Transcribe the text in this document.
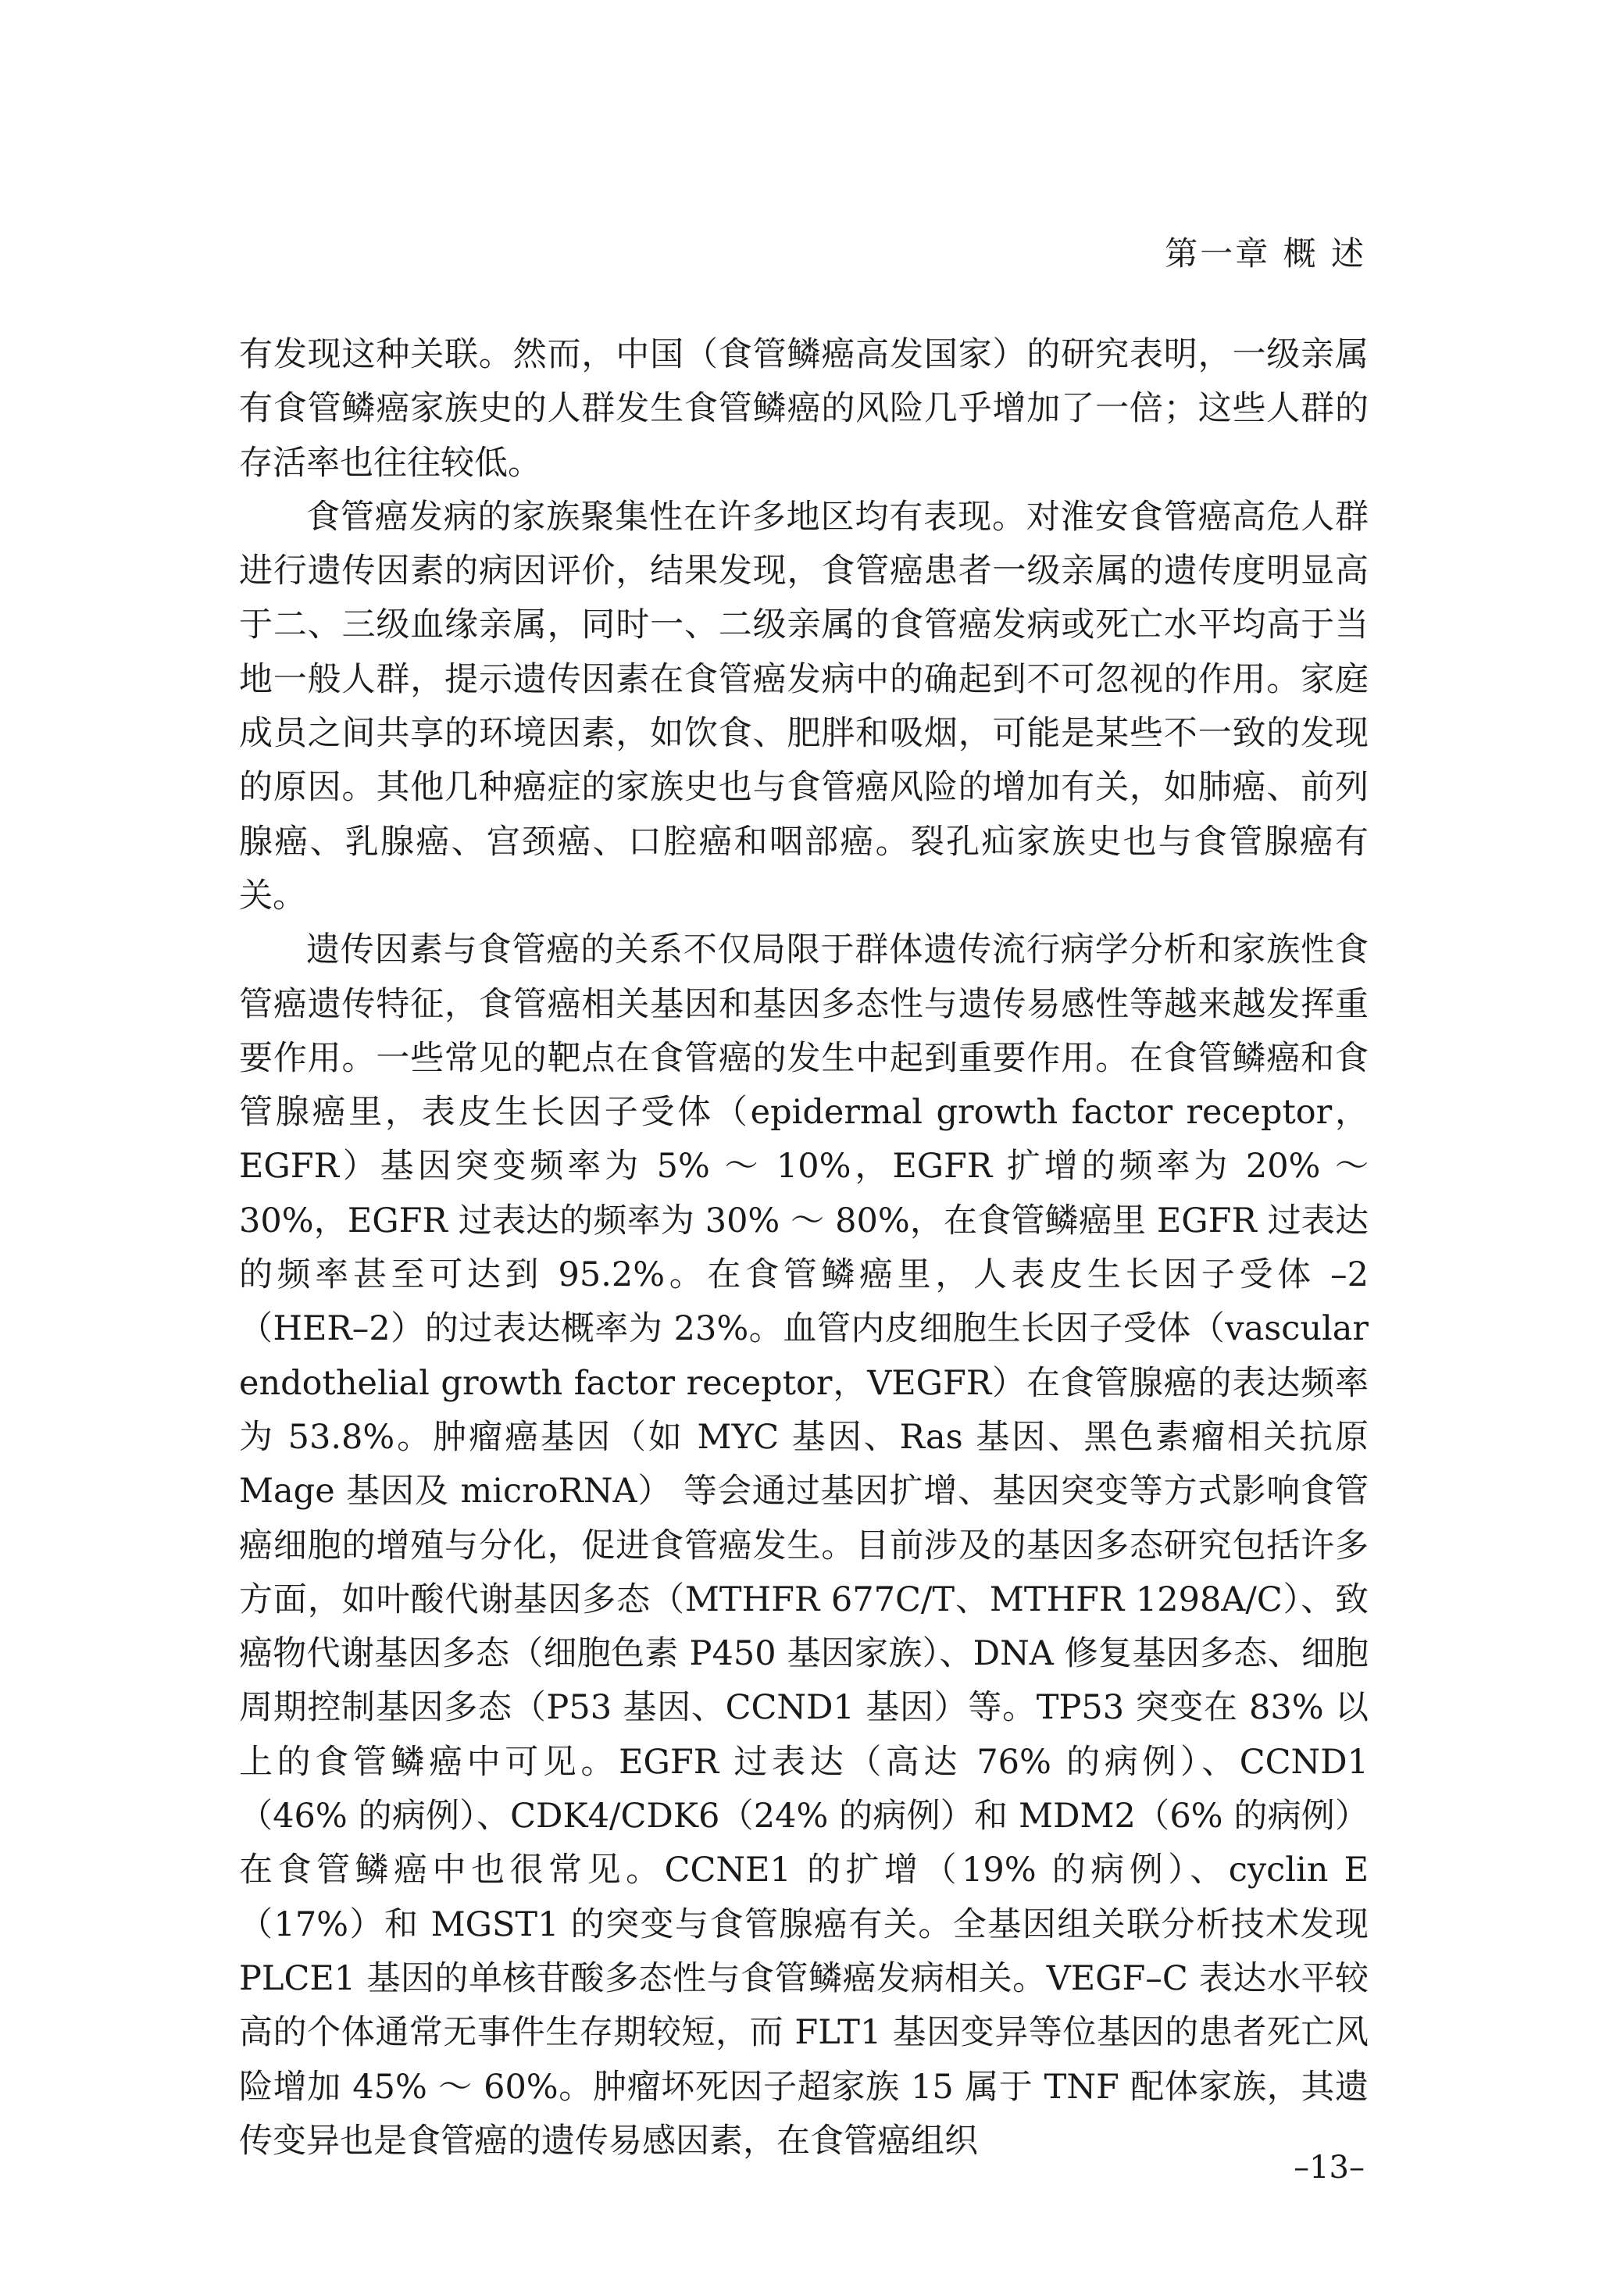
第一章 概 述

有发现这种关联。然而，中国（食管鳞癌高发国家）的研究表明，一级亲属有食管鳞癌家族史的人群发生食管鳞癌的风险几乎增加了一倍；这些人群的存活率也往往较低。

食管癌发病的家族聚集性在许多地区均有表现。对淮安食管癌高危人群进行遗传因素的病因评价，结果发现，食管癌患者一级亲属的遗传度明显高于二、三级血缘亲属，同时一、二级亲属的食管癌发病或死亡水平均高于当地一般人群，提示遗传因素在食管癌发病中的确起到不可忽视的作用。家庭成员之间共享的环境因素，如饮食、肥胖和吸烟，可能是某些不一致的发现的原因。其他几种癌症的家族史也与食管癌风险的增加有关，如肺癌、前列腺癌、乳腺癌、宫颈癌、口腔癌和咽部癌。裂孔疝家族史也与食管腺癌有关。

遗传因素与食管癌的关系不仅局限于群体遗传流行病学分析和家族性食管癌遗传特征，食管癌相关基因和基因多态性与遗传易感性等越来越发挥重要作用。一些常见的靶点在食管癌的发生中起到重要作用。在食管鳞癌和食管腺癌里，表皮生长因子受体（epidermal growth factor receptor，EGFR）基因突变频率为 5% ～ 10%，EGFR 扩增的频率为 20% ～ 30%，EGFR 过表达的频率为 30% ～ 80%，在食管鳞癌里 EGFR 过表达的频率甚至可达到 95.2%。在食管鳞癌里，人表皮生长因子受体 –2（HER–2）的过表达概率为 23%。血管内皮细胞生长因子受体（vascular endothelial growth factor receptor，VEGFR）在食管腺癌的表达频率为 53.8%。肿瘤癌基因（如 MYC 基因、Ras 基因、黑色素瘤相关抗原 Mage 基因及 microRNA） 等会通过基因扩增、基因突变等方式影响食管癌细胞的增殖与分化，促进食管癌发生。目前涉及的基因多态研究包括许多方面，如叶酸代谢基因多态（MTHFR 677C/T、MTHFR 1298A/C）、致癌物代谢基因多态（细胞色素 P450 基因家族）、DNA 修复基因多态、细胞周期控制基因多态（P53 基因、CCND1 基因）等。TP53 突变在 83% 以上的食管鳞癌中可见。EGFR 过表达（高达 76% 的病例）、CCND1（46% 的病例）、CDK4/CDK6（24% 的病例）和 MDM2（6% 的病例）在食管鳞癌中也很常见。CCNE1 的扩增（19% 的病例）、cyclin E（17%）和 MGST1 的突变与食管腺癌有关。全基因组关联分析技术发现 PLCE1 基因的单核苷酸多态性与食管鳞癌发病相关。VEGF–C 表达水平较高的个体通常无事件生存期较短，而 FLT1 基因变异等位基因的患者死亡风险增加 45% ～ 60%。肿瘤坏死因子超家族 15 属于 TNF 配体家族，其遗传变异也是食管癌的遗传易感因素，在食管癌组织

–13–
